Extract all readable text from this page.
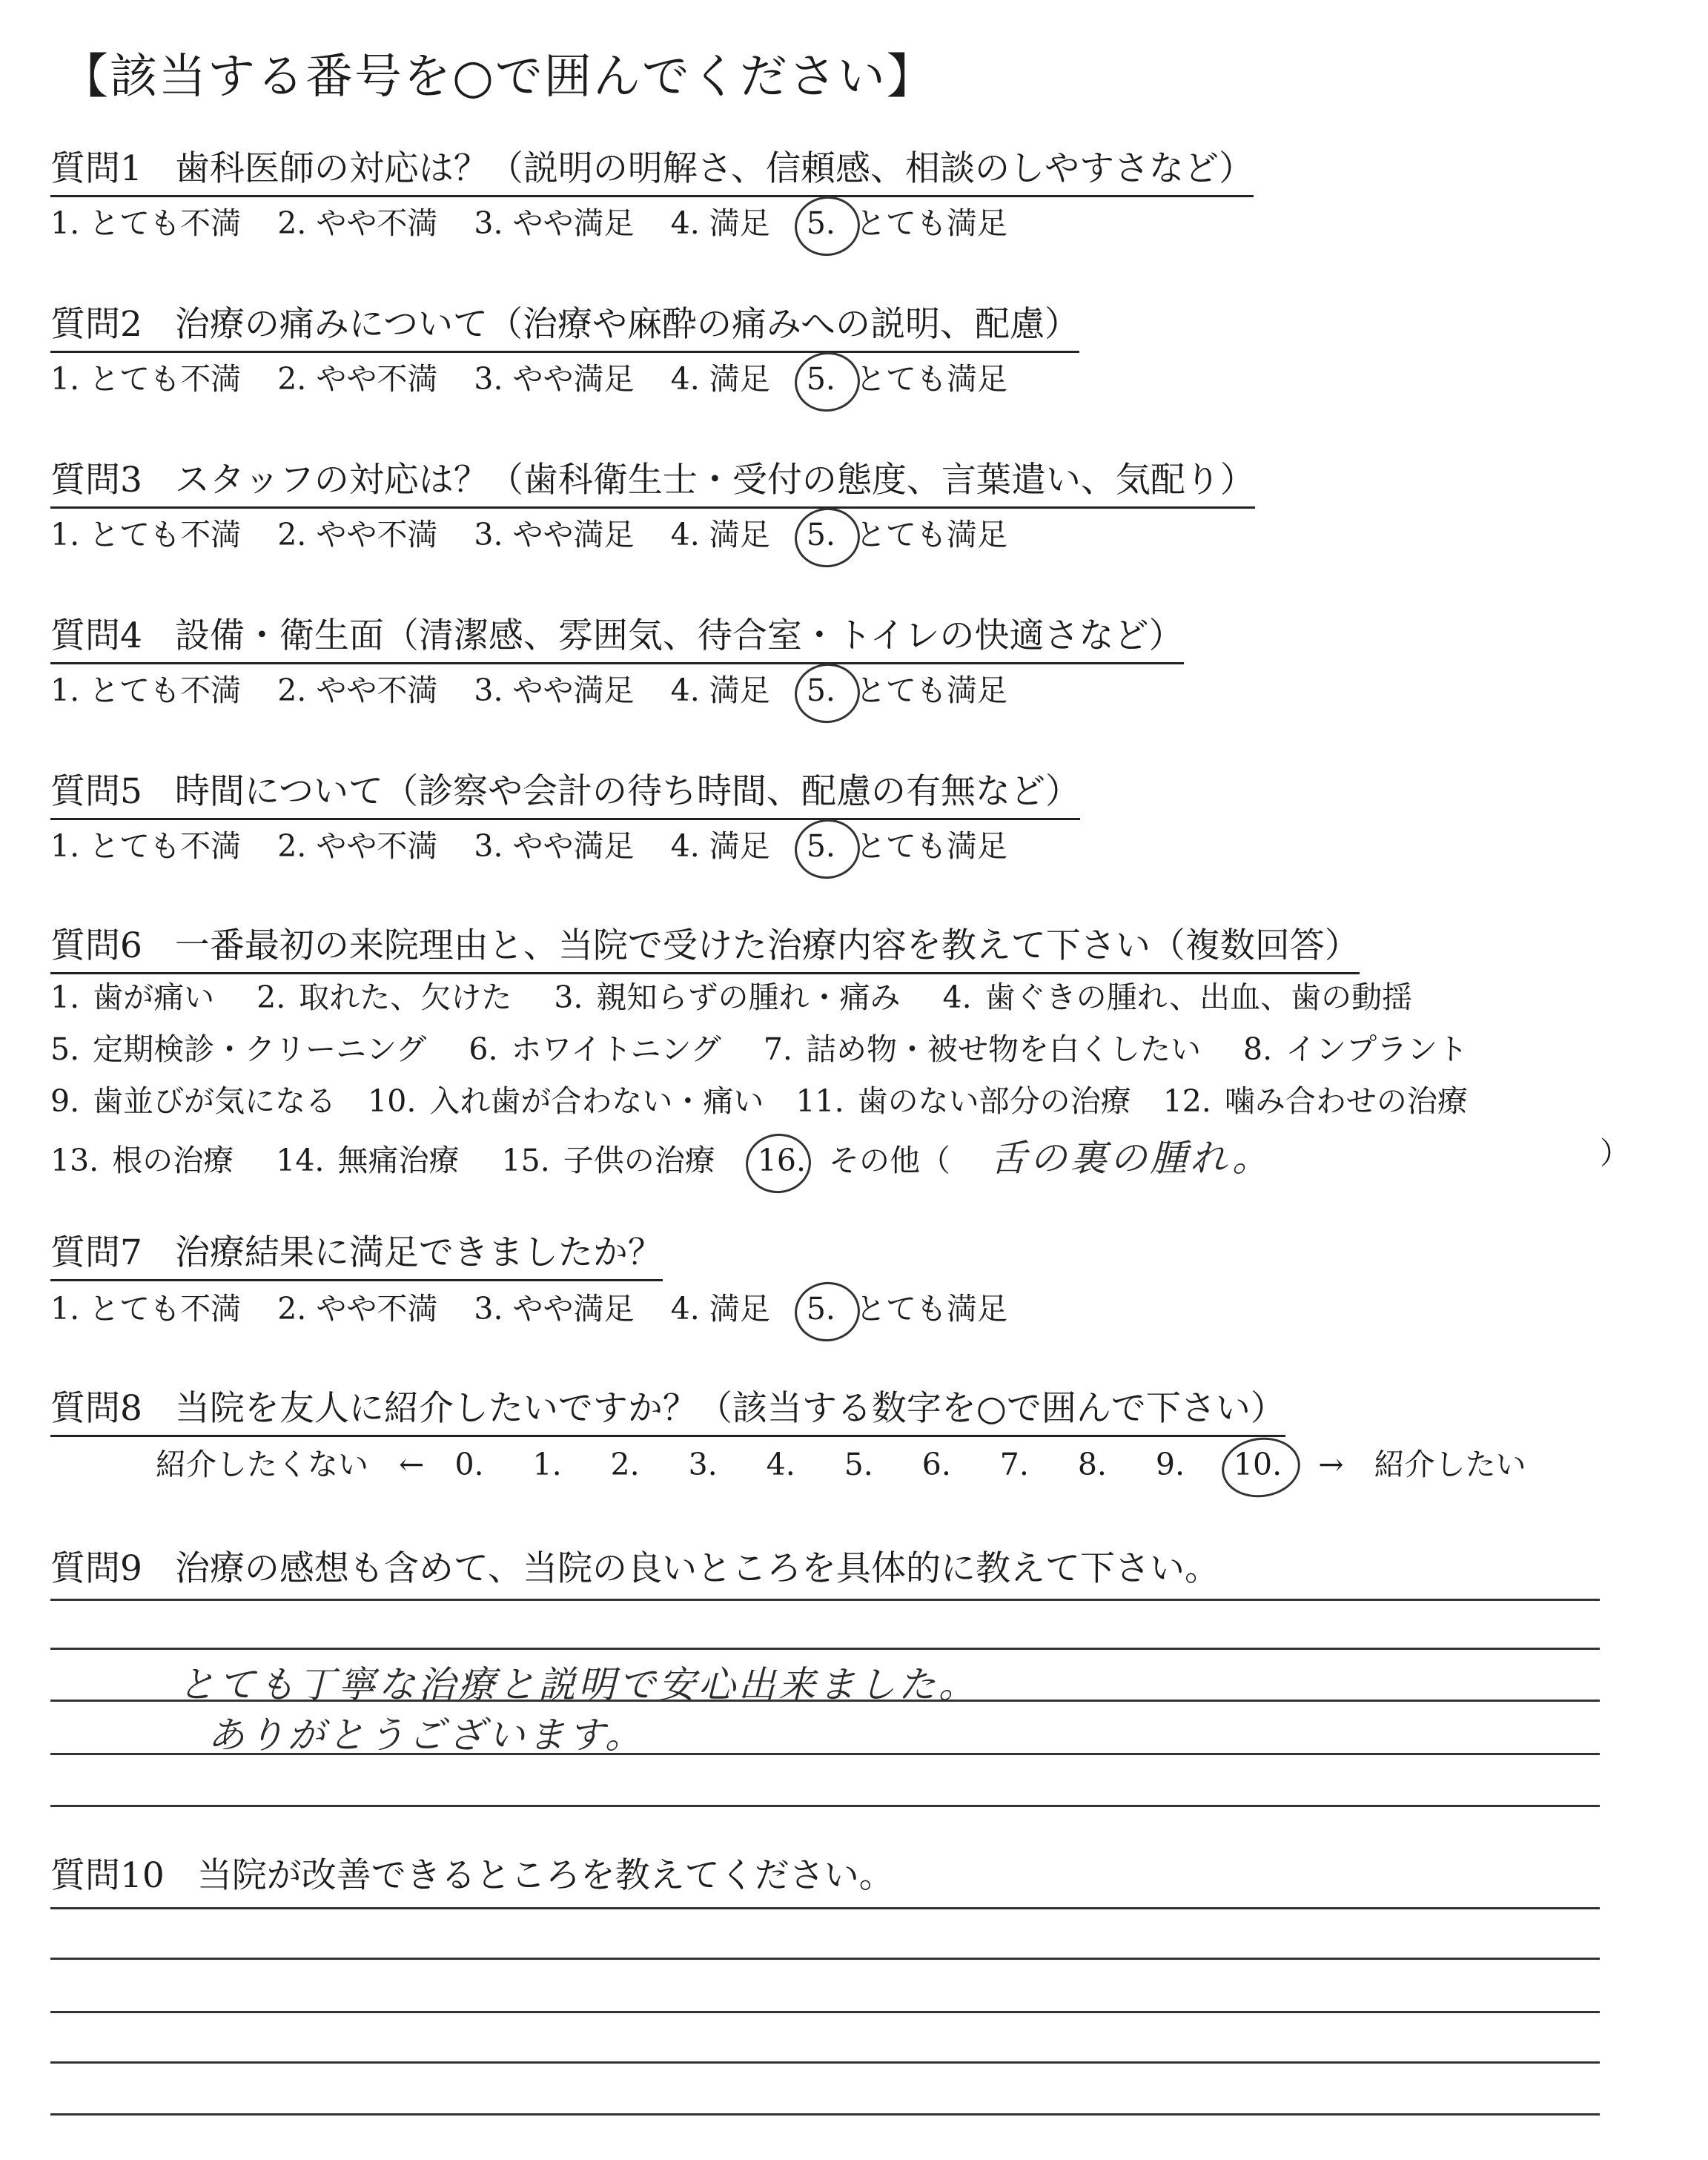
【該当する番号を○で囲んでください】
質問1 歯科医師の対応は？（説明の明解さ、信頼感、相談のしやすさなど）
1. とても不満 2. やや不満 3. やや満足 4. 満足 5. とても満足
質問2 治療の痛みについて（治療や麻酔の痛みへの説明、配慮）
1. とても不満 2. やや不満 3. やや満足 4. 満足 5. とても満足
質問3 スタッフの対応は？（歯科衛生士・受付の態度、言葉遣い、気配り）
1. とても不満 2. やや不満 3. やや満足 4. 満足 5. とても満足
質問4 設備・衛生面（清潔感、雰囲気、待合室・トイレの快適さなど）
1. とても不満 2. やや不満 3. やや満足 4. 満足 5. とても満足
質問5 時間について（診察や会計の待ち時間、配慮の有無など）
1. とても不満 2. やや不満 3. やや満足 4. 満足 5. とても満足
質問6 一番最初の来院理由と、当院で受けた治療内容を教えて下さい（複数回答）
1. 歯が痛い 2. 取れた、欠けた 3. 親知らずの腫れ・痛み 4. 歯ぐきの腫れ、出血、歯の動揺
5. 定期検診・クリーニング 6. ホワイトニング 7. 詰め物・被せ物を白くしたい 8. インプラント
9. 歯並びが気になる 10. 入れ歯が合わない・痛い 11. 歯のない部分の治療 12. 噛み合わせの治療
13. 根の治療 14. 無痛治療 15. 子供の治療 16. その他（ 舌の裏の腫れ。	）
質問7 治療結果に満足できましたか？
1. とても不満 2. やや不満 3. やや満足 4. 満足 5. とても満足
質問8 当院を友人に紹介したいですか？（該当する数字を○で囲んで下さい）
紹介したくない ← 0. 1. 2. 3. 4. 5. 6. 7. 8. 9. 10. → 紹介したい
質問9 治療の感想も含めて、当院の良いところを具体的に教えて下さい。
とても丁寧な治療と説明で安心出来ました。
ありがとうございます。
質問10 当院が改善できるところを教えてください。
